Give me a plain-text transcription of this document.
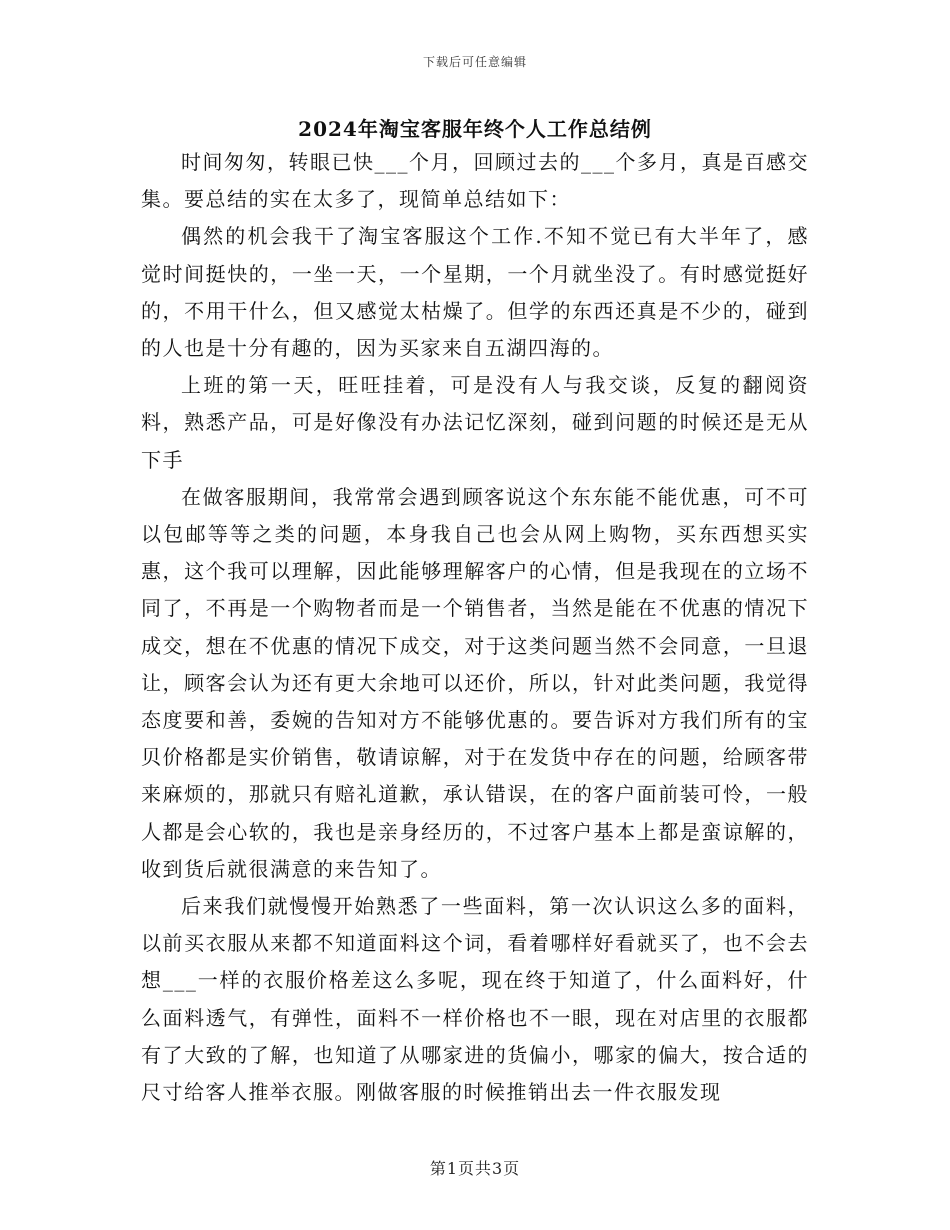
下载后可任意编辑
2024年淘宝客服年终个人工作总结例

时间匆匆，转眼已快___个月，回顾过去的___个多月，真是百感交集。要总结的实在太多了，现简单总结如下：

偶然的机会我干了淘宝客服这个工作.不知不觉已有大半年了，感觉时间挺快的，一坐一天，一个星期，一个月就坐没了。有时感觉挺好的，不用干什么，但又感觉太枯燥了。但学的东西还真是不少的，碰到的人也是十分有趣的，因为买家来自五湖四海的。

上班的第一天，旺旺挂着，可是没有人与我交谈，反复的翻阅资料，熟悉产品，可是好像没有办法记忆深刻，碰到问题的时候还是无从下手

在做客服期间，我常常会遇到顾客说这个东东能不能优惠，可不可以包邮等等之类的问题，本身我自己也会从网上购物，买东西想买实惠，这个我可以理解，因此能够理解客户的心情，但是我现在的立场不同了，不再是一个购物者而是一个销售者，当然是能在不优惠的情况下成交，想在不优惠的情况下成交，对于这类问题当然不会同意，一旦退让，顾客会认为还有更大余地可以还价，所以，针对此类问题，我觉得态度要和善，委婉的告知对方不能够优惠的。要告诉对方我们所有的宝贝价格都是实价销售，敬请谅解，对于在发货中存在的问题，给顾客带来麻烦的，那就只有赔礼道歉，承认错误，在的客户面前装可怜，一般人都是会心软的，我也是亲身经历的，不过客户基本上都是蛮谅解的，收到货后就很满意的来告知了。

后来我们就慢慢开始熟悉了一些面料，第一次认识这么多的面料，以前买衣服从来都不知道面料这个词，看着哪样好看就买了，也不会去想___一样的衣服价格差这么多呢，现在终于知道了，什么面料好，什么面料透气，有弹性，面料不一样价格也不一眼，现在对店里的衣服都有了大致的了解，也知道了从哪家进的货偏小，哪家的偏大，按合适的尺寸给客人推举衣服。刚做客服的时候推销出去一件衣服发现

第1页共3页
